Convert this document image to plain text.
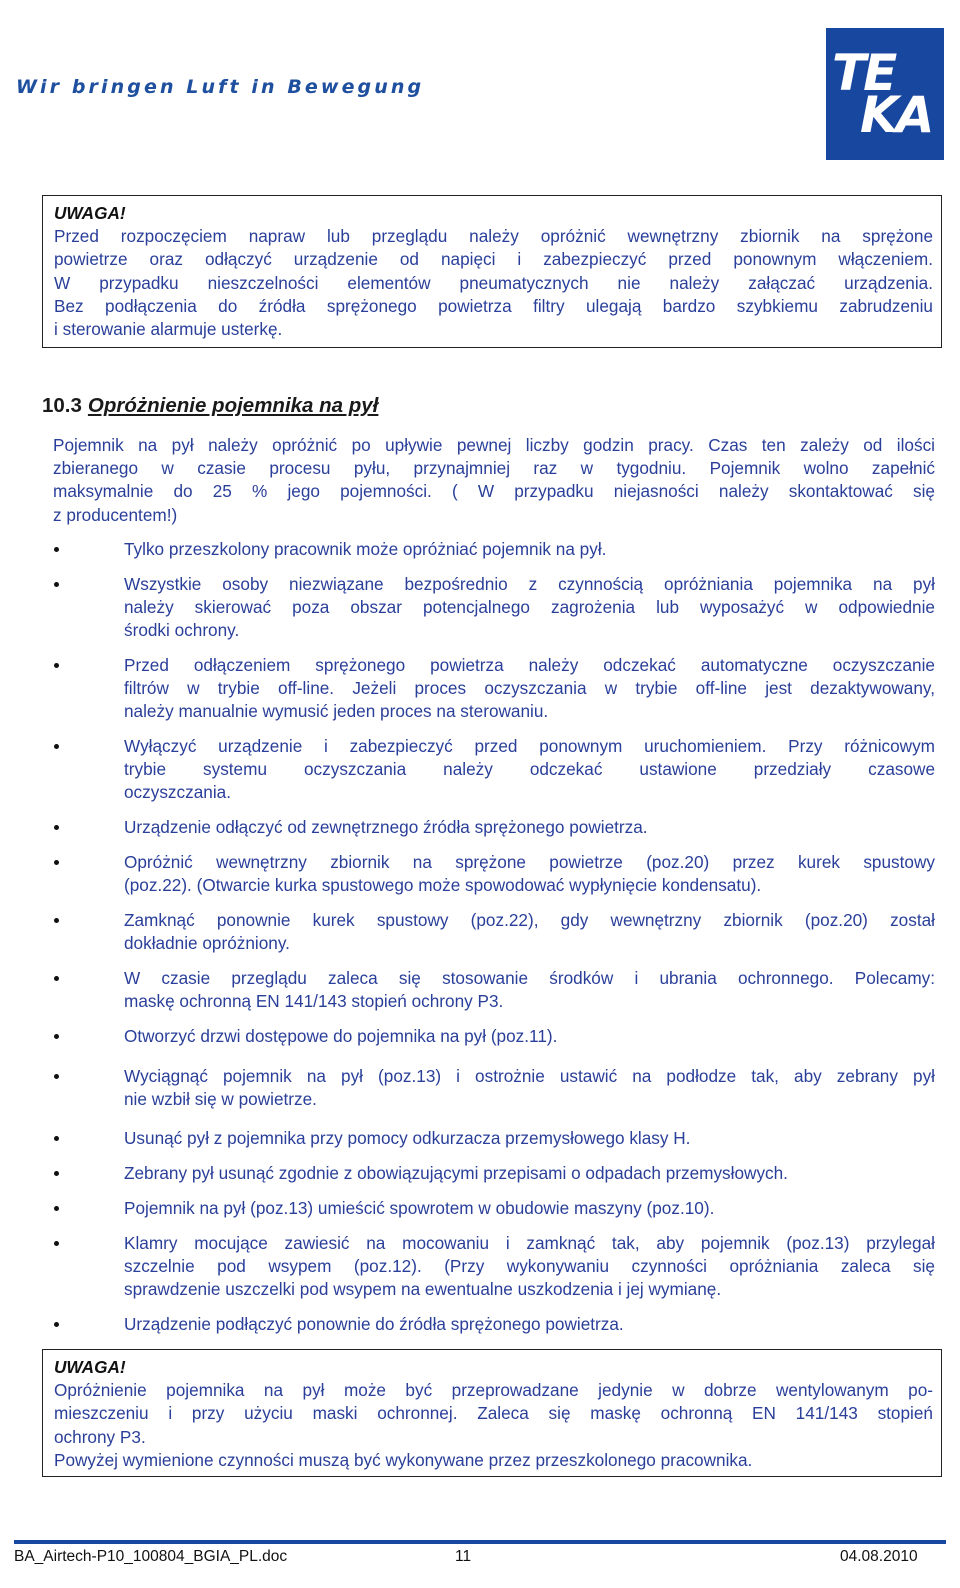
Wir bringen Luft in Bewegung	TE
KA
UWAGA!
Przed rozpoczęciem napraw lub przeglądu należy opróżnić wewnętrzny zbiornik na sprężone
powietrze oraz odłączyć urządzenie od napięci i zabezpieczyć przed ponownym włączeniem.
W przypadku nieszczelności elementów pneumatycznych nie należy załączać urządzenia.
Bez podłączenia do źródła sprężonego powietrza filtry ulegają bardzo szybkiemu zabrudzeniu
i sterowanie alarmuje usterkę.
10.3 Opróżnienie pojemnika na pył
Pojemnik na pył należy opróżnić po upływie pewnej liczby godzin pracy. Czas ten zależy od ilości
zbieranego w czasie procesu pyłu, przynajmniej raz w tygodniu. Pojemnik wolno zapełnić
maksymalnie do 25 % jego pojemności. ( W przypadku niejasności należy skontaktować się
z producentem!)
Tylko przeszkolony pracownik może opróżniać pojemnik na pył.
Wszystkie osoby niezwiązane bezpośrednio z czynnością opróżniania pojemnika na pył
należy skierować poza obszar potencjalnego zagrożenia lub wyposażyć w odpowiednie
środki ochrony.
Przed odłączeniem sprężonego powietrza należy odczekać automatyczne oczyszczanie
filtrów w trybie off-line. Jeżeli proces oczyszczania w trybie off-line jest dezaktywowany,
należy manualnie wymusić jeden proces na sterowaniu.
Wyłączyć urządzenie i zabezpieczyć przed ponownym uruchomieniem. Przy różnicowym
trybie systemu oczyszczania należy odczekać ustawione przedziały czasowe
oczyszczania.
Urządzenie odłączyć od zewnętrznego źródła sprężonego powietrza.
Opróżnić wewnętrzny zbiornik na sprężone powietrze (poz.20) przez kurek spustowy
(poz.22). (Otwarcie kurka spustowego może spowodować wypłynięcie kondensatu).
Zamknąć ponownie kurek spustowy (poz.22), gdy wewnętrzny zbiornik (poz.20) został
dokładnie opróżniony.
W czasie przeglądu zaleca się stosowanie środków i ubrania ochronnego. Polecamy:
maskę ochronną EN 141/143 stopień ochrony P3.
Otworzyć drzwi dostępowe do pojemnika na pył (poz.11).
Wyciągnąć pojemnik na pył (poz.13) i ostrożnie ustawić na podłodze tak, aby zebrany pył
nie wzbił się w powietrze.
Usunąć pył z pojemnika przy pomocy odkurzacza przemysłowego klasy H.
Zebrany pył usunąć zgodnie z obowiązującymi przepisami o odpadach przemysłowych.
Pojemnik na pył (poz.13) umieścić spowrotem w obudowie maszyny (poz.10).
Klamry mocujące zawiesić na mocowaniu i zamknąć tak, aby pojemnik (poz.13) przylegał
szczelnie pod wsypem (poz.12). (Przy wykonywaniu czynności opróżniania zaleca się
sprawdzenie uszczelki pod wsypem na ewentualne uszkodzenia i jej wymianę.
Urządzenie podłączyć ponownie do źródła sprężonego powietrza.
UWAGA!
Opróżnienie pojemnika na pył może być przeprowadzane jedynie w dobrze wentylowanym po-
mieszczeniu i przy użyciu maski ochronnej. Zaleca się maskę ochronną EN 141/143 stopień
ochrony P3.
Powyżej wymienione czynności muszą być wykonywane przez przeszkolonego pracownika.
BA_Airtech-P10_100804_BGIA_PL.doc	11	04.08.2010
